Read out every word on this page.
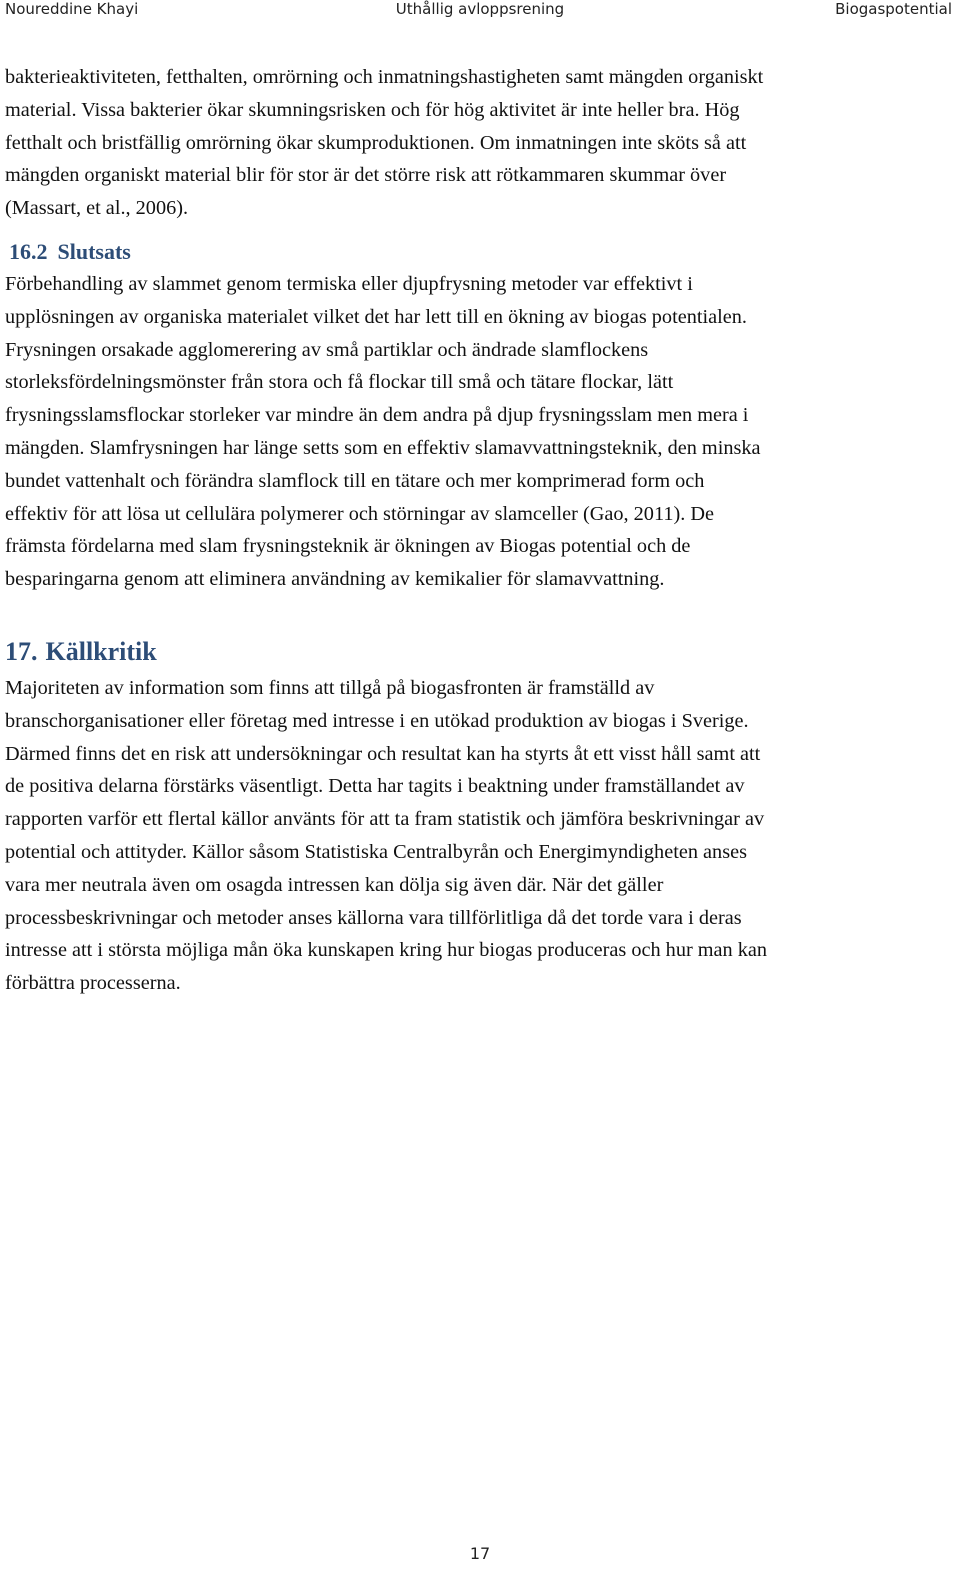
Noureddine Khayi	Uthållig avloppsrening	Biogaspotential

bakterieaktiviteten, fetthalten, omrörning och inmatningshastigheten samt mängden organiskt
material. Vissa bakterier ökar skumningsrisken och för hög aktivitet är inte heller bra. Hög
fetthalt och bristfällig omrörning ökar skumproduktionen. Om inmatningen inte sköts så att
mängden organiskt material blir för stor är det större risk att rötkammaren skummar över
(Massart, et al., 2006).

16.2 Slutsats

Förbehandling av slammet genom termiska eller djupfrysning metoder var effektivt i
upplösningen av organiska materialet vilket det har lett till en ökning av biogas potentialen.
Frysningen orsakade agglomerering av små partiklar och ändrade slamflockens
storleksfördelningsmönster från stora och få flockar till små och tätare flockar, lätt
frysningsslamsflockar storleker var mindre än dem andra på djup frysningsslam men mera i
mängden. Slamfrysningen har länge setts som en effektiv slamavvattningsteknik, den minska
bundet vattenhalt och förändra slamflock till en tätare och mer komprimerad form och
effektiv för att lösa ut cellulära polymerer och störningar av slamceller (Gao, 2011). De
främsta fördelarna med slam frysningsteknik är ökningen av Biogas potential och de
besparingarna genom att eliminera användning av kemikalier för slamavvattning.

17. Källkritik

Majoriteten av information som finns att tillgå på biogasfronten är framställd av
branschorganisationer eller företag med intresse i en utökad produktion av biogas i Sverige.
Därmed finns det en risk att undersökningar och resultat kan ha styrts åt ett visst håll samt att
de positiva delarna förstärks väsentligt. Detta har tagits i beaktning under framställandet av
rapporten varför ett flertal källor använts för att ta fram statistik och jämföra beskrivningar av
potential och attityder. Källor såsom Statistiska Centralbyrån och Energimyndigheten anses
vara mer neutrala även om osagda intressen kan dölja sig även där. När det gäller
processbeskrivningar och metoder anses källorna vara tillförlitliga då det torde vara i deras
intresse att i största möjliga mån öka kunskapen kring hur biogas produceras och hur man kan
förbättra processerna.

17
